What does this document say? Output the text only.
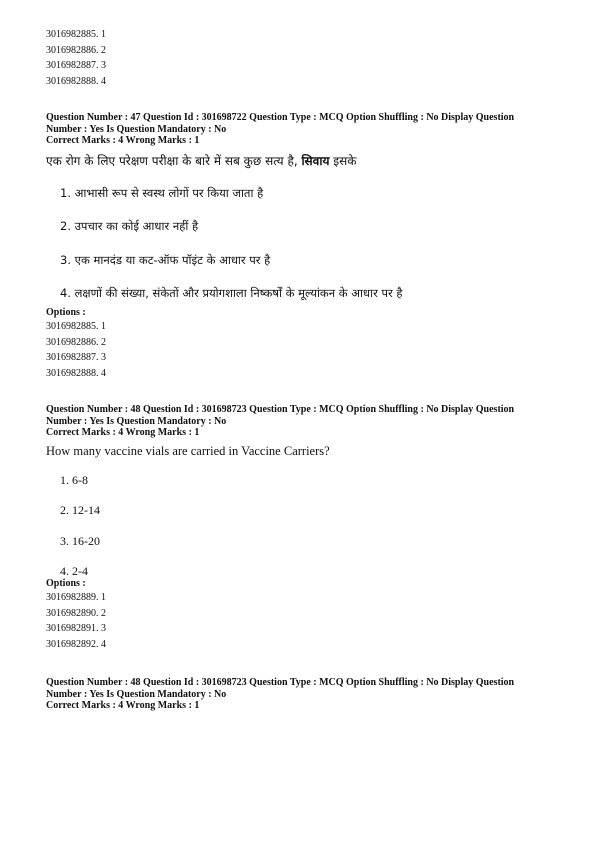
3016982885. 1
3016982886. 2
3016982887. 3
3016982888. 4
Question Number : 47 Question Id : 301698722 Question Type : MCQ Option Shuffling : No Display Question
Number : Yes Is Question Mandatory : No
Correct Marks : 4 Wrong Marks : 1
एक रोग के लिए परेक्षण परीक्षा के बारे में सब कुछ सत्य है, सिवाय इसके
1. आभासी रूप से स्वस्थ लोगों पर किया जाता है
2. उपचार का कोई आधार नहीं है
3. एक मानदंड या कट-ऑफ पॉइंट के आधार पर है
4. लक्षणों की संख्या, संकेतों और प्रयोगशाला निष्कर्षों के मूल्यांकन के आधार पर है
Options :
3016982885. 1
3016982886. 2
3016982887. 3
3016982888. 4
Question Number : 48 Question Id : 301698723 Question Type : MCQ Option Shuffling : No Display Question
Number : Yes Is Question Mandatory : No
Correct Marks : 4 Wrong Marks : 1
How many vaccine vials are carried in Vaccine Carriers?
1. 6-8
2. 12-14
3. 16-20
4. 2-4
Options :
3016982889. 1
3016982890. 2
3016982891. 3
3016982892. 4
Question Number : 48 Question Id : 301698723 Question Type : MCQ Option Shuffling : No Display Question
Number : Yes Is Question Mandatory : No
Correct Marks : 4 Wrong Marks : 1
